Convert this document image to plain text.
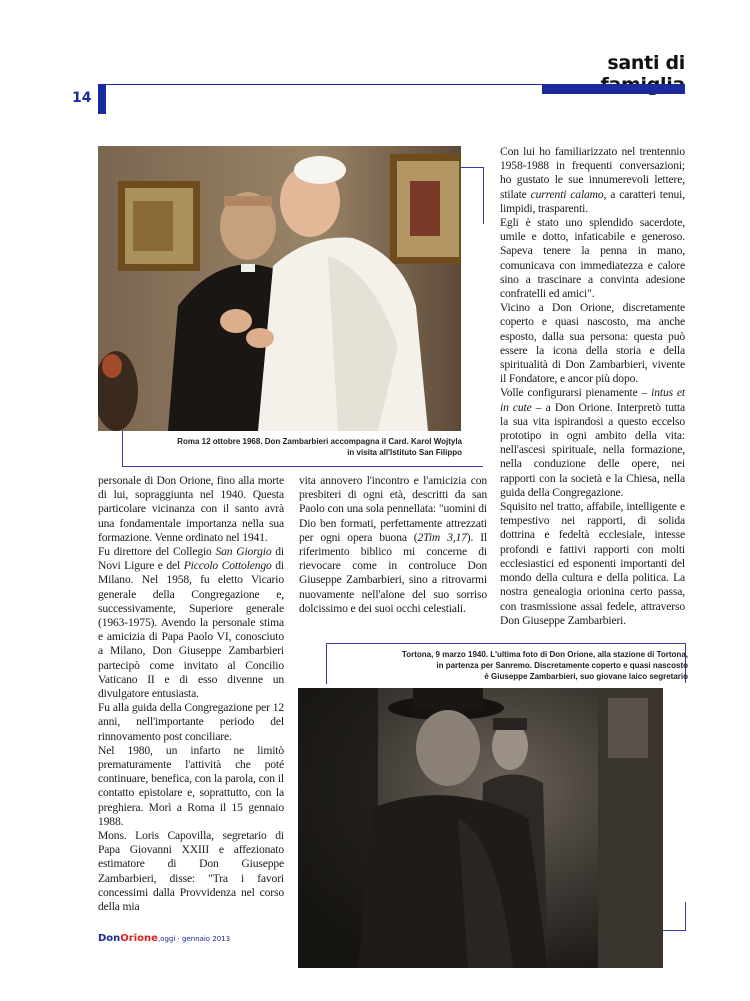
santi di
14
Roma 12 ottobre 1968. Don Zambarbieri accompagna il Card. Karol Wojtyla
in visita all'Istituto San Filippo

Con lui ho familiarizzato nel trentennio 1958-1988 in frequenti conversazioni; ho gustato le sue innumerevoli lettere, stilate currenti calamo, a caratteri tenui, limpidi, trasparenti.

Egli è stato uno splendido sacerdote, umile e dotto, infaticabile e generoso. Sapeva tenere la penna in mano, comunicava con immediatezza e calore sino a trascinare a convinta adesione confratelli ed amici".

Vicino a Don Orione, discretamente coperto e quasi nascosto, ma anche esposto, dalla sua persona: questa può essere la icona della storia e della spiritualità di Don Zambarbieri, vivente il Fondatore, e ancor più dopo.

Volle configurarsi pienamente – intus et in cute – a Don Orione. Interpretò tutta la sua vita ispirandosi a questo eccelso prototipo in ogni ambito della vita: nell'ascesi spirituale, nella formazione, nella conduzione delle opere, nei rapporti con la società e la Chiesa, nella guida della Congregazione.

Squisito nel tratto, affabile, intelligente e tempestivo nei rapporti, di solida dottrina e fedeltà ecclesiale, intesse profondi e fattivi rapporti con molti ecclesiastici ed esponenti importanti del mondo della cultura e della politica. La nostra genealogia orionina certo passa, con trasmissione assai fedele, attraverso Don Giuseppe Zambarbieri.

personale di Don Orione, fino alla morte di lui, sopraggiunta nel 1940. Questa particolare vicinanza con il santo avrà una fondamentale importanza nella sua formazione. Venne ordinato nel 1941.

Fu direttore del Collegio San Giorgio di Novi Ligure e del Piccolo Cottolengo di Milano. Nel 1958, fu eletto Vicario generale della Congregazione e, successivamente, Superiore generale (1963-1975). Avendo la personale stima e amicizia di Papa Paolo VI, conosciuto a Milano, Don Giuseppe Zambarbieri partecipò come invitato al Concilio Vaticano II e di esso divenne un divulgatore entusiasta.

Fu alla guida della Congregazione per 12 anni, nell'importante periodo del rinnovamento post conciliare.

Nel 1980, un infarto ne limitò prematuramente l'attività che poté continuare, benefica, con la parola, con il contatto epistolare e, soprattutto, con la preghiera. Morì a Roma il 15 gennaio 1988.

Mons. Loris Capovilla, segretario di Papa Giovanni XXIII e affezionato estimatore di Don Giuseppe Zambarbieri, disse: "Tra i favori concessimi dalla Provvidenza nel corso della mia

vita annovero l'incontro e l'amicizia con presbiteri di ogni età, descritti da san Paolo con una sola pennellata: "uomini di Dio ben formati, perfettamente attrezzati per ogni opera buona (2Tim 3,17). Il riferimento biblico mi concerne di rievocare come in controluce Don Giuseppe Zambarbieri, sino a ritrovarmi nuovamente nell'alone del suo sorriso dolcissimo e dei suoi occhi celestiali.

Tortona, 9 marzo 1940. L'ultima foto di Don Orione, alla stazione di Tortona,
in partenza per Sanremo. Discretamente coperto e quasi nascosto
è Giuseppe Zambarbieri, suo giovane laico segretario
DonOrione,oggi · gennaio 2013
